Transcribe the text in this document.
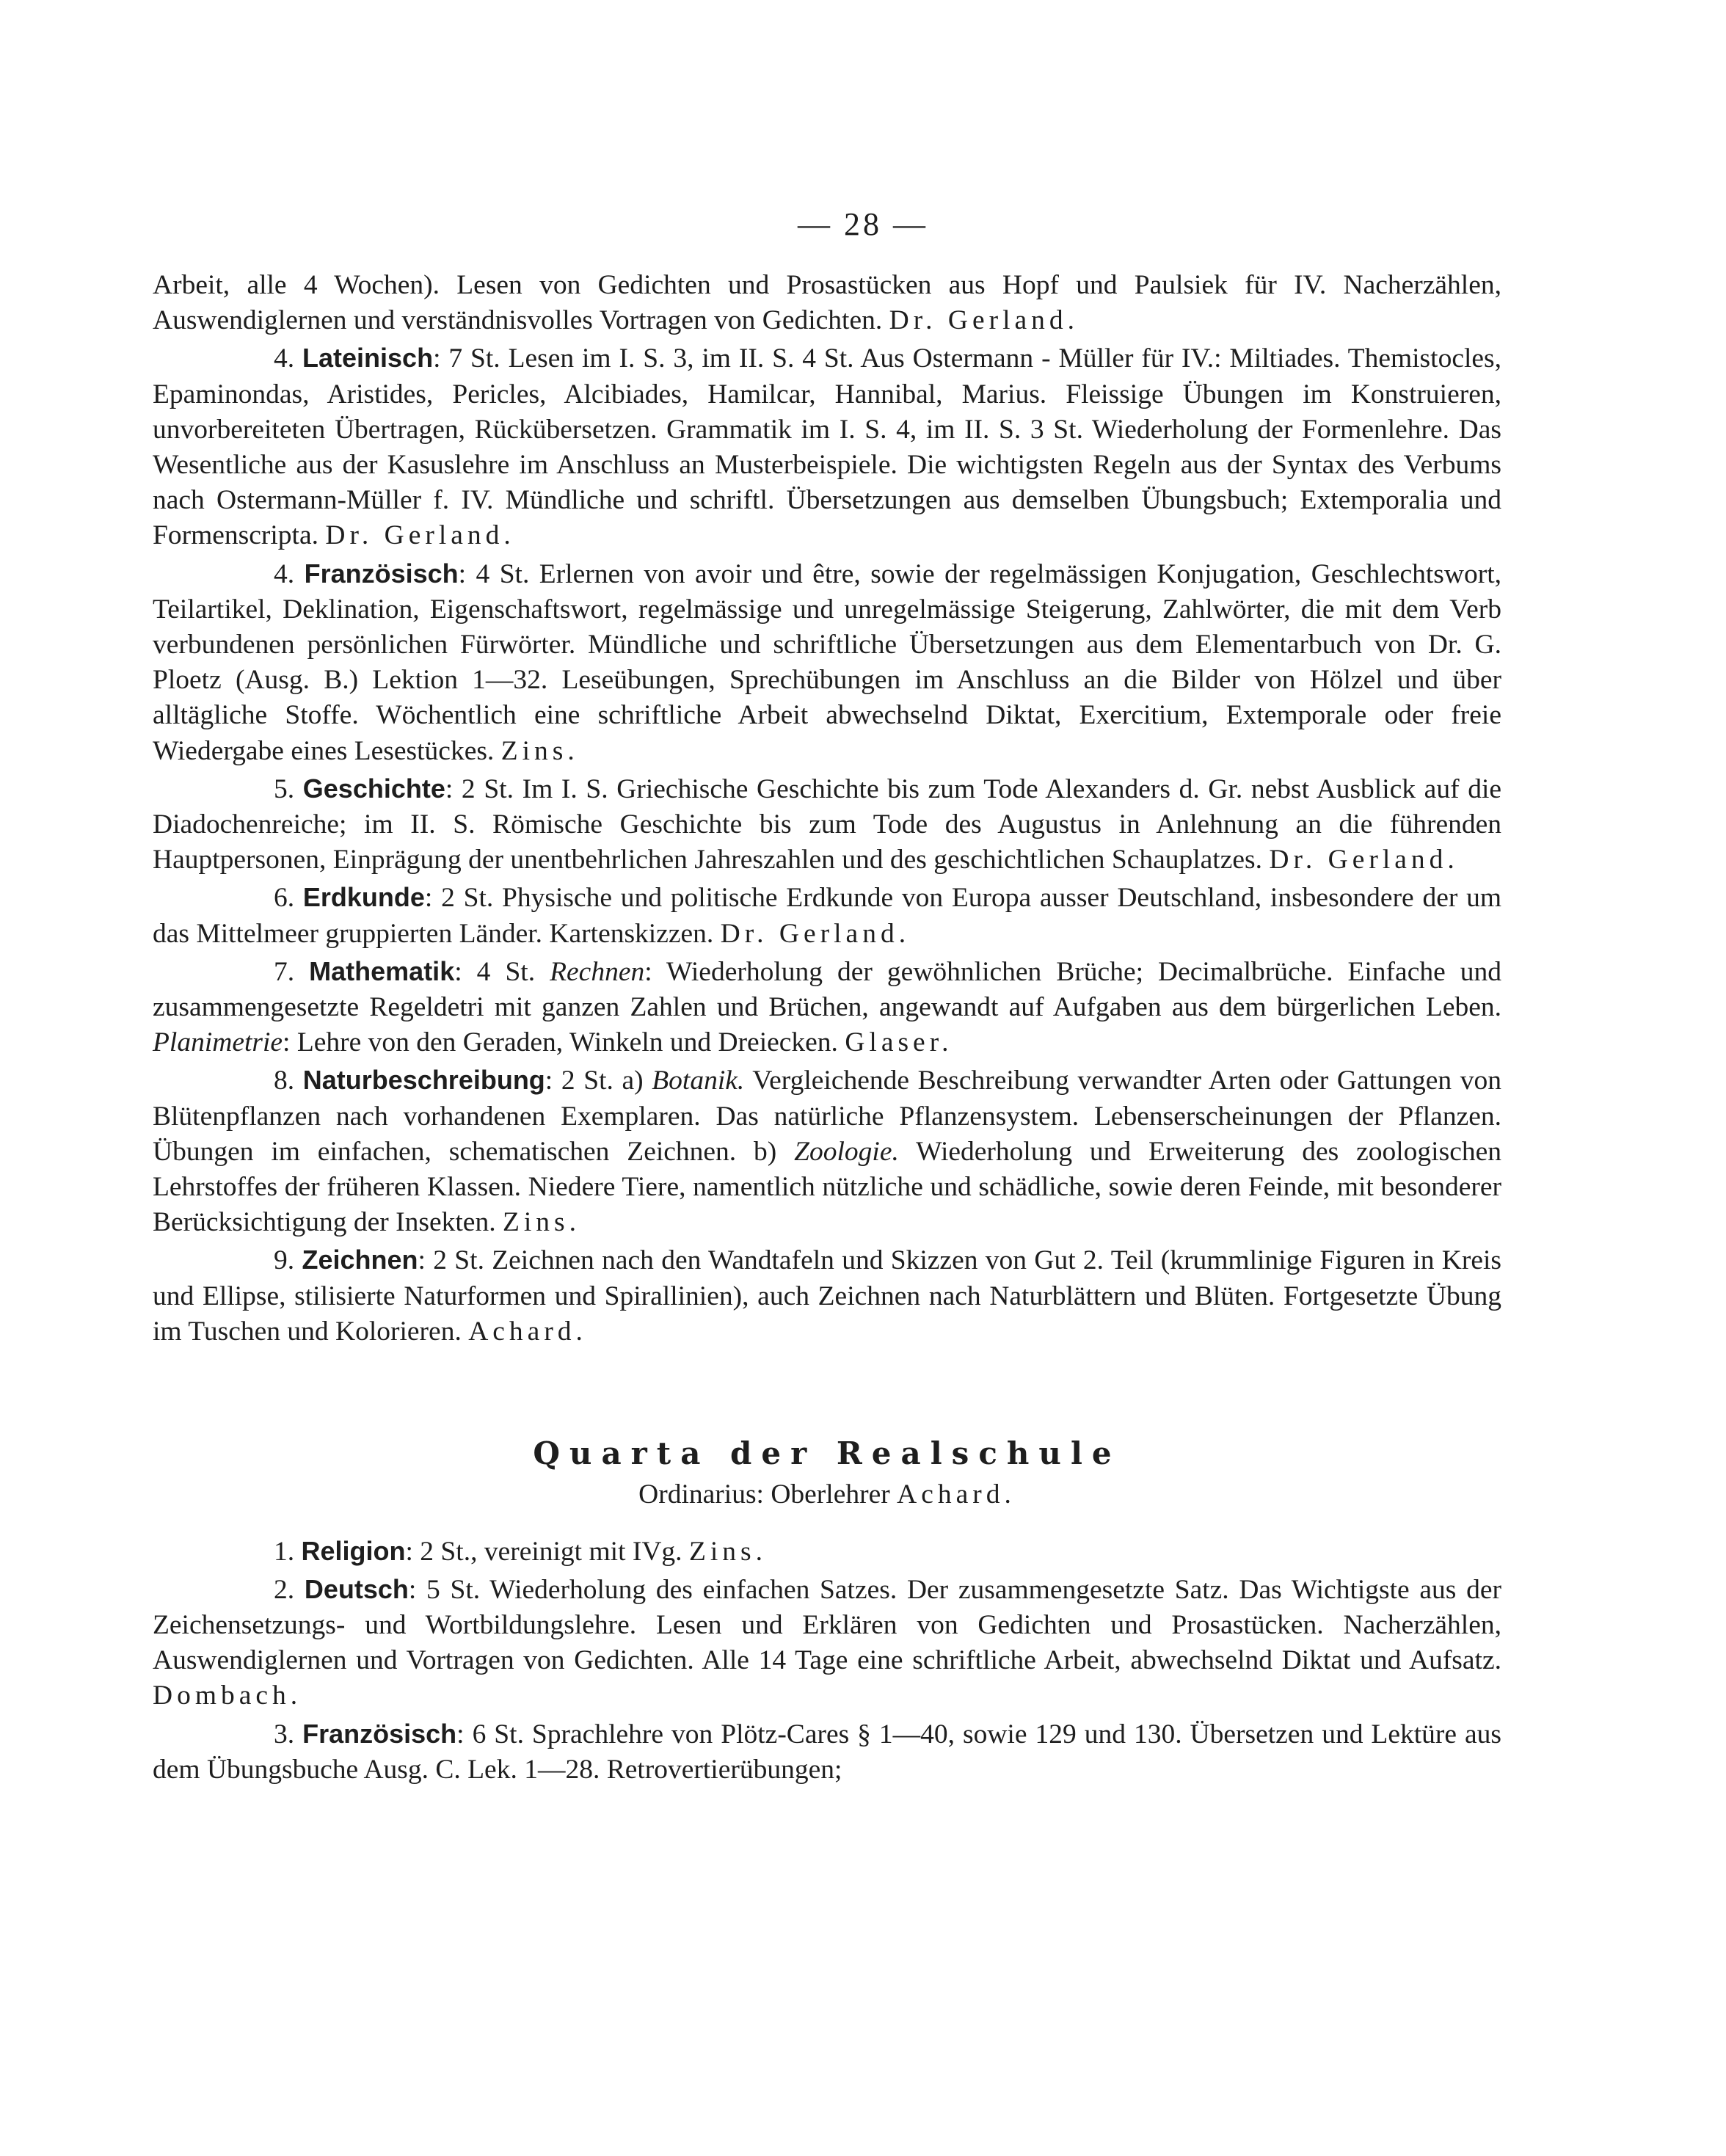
— 28 —

Arbeit, alle 4 Wochen). Lesen von Gedichten und Prosastücken aus Hopf und Paulsiek für IV. Nacherzählen, Auswendiglernen und verständnisvolles Vortragen von Gedichten. Dr. Gerland.

4. Lateinisch: 7 St. Lesen im I. S. 3, im II. S. 4 St. Aus Ostermann - Müller für IV.: Miltiades. Themistocles, Epaminondas, Aristides, Pericles, Alcibiades, Hamilcar, Hannibal, Marius. Fleissige Übungen im Konstruieren, unvorbereiteten Übertragen, Rückübersetzen. Grammatik im I. S. 4, im II. S. 3 St. Wiederholung der Formenlehre. Das Wesentliche aus der Kasuslehre im Anschluss an Musterbeispiele. Die wichtigsten Regeln aus der Syntax des Verbums nach Ostermann-Müller f. IV. Mündliche und schriftl. Übersetzungen aus demselben Übungsbuch; Extemporalia und Formenscripta. Dr. Gerland.

4. Französisch: 4 St. Erlernen von avoir und être, sowie der regelmässigen Konjugation, Geschlechtswort, Teilartikel, Deklination, Eigenschaftswort, regelmässige und unregelmässige Steigerung, Zahlwörter, die mit dem Verb verbundenen persönlichen Fürwörter. Mündliche und schriftliche Übersetzungen aus dem Elementarbuch von Dr. G. Ploetz (Ausg. B.) Lektion 1—32. Leseübungen, Sprechübungen im Anschluss an die Bilder von Hölzel und über alltägliche Stoffe. Wöchentlich eine schriftliche Arbeit abwechselnd Diktat, Exercitium, Extemporale oder freie Wiedergabe eines Lesestückes. Zins.

5. Geschichte: 2 St. Im I. S. Griechische Geschichte bis zum Tode Alexanders d. Gr. nebst Ausblick auf die Diadochenreiche; im II. S. Römische Geschichte bis zum Tode des Augustus in Anlehnung an die führenden Hauptpersonen, Einprägung der unentbehrlichen Jahreszahlen und des geschichtlichen Schauplatzes. Dr. Gerland.

6. Erdkunde: 2 St. Physische und politische Erdkunde von Europa ausser Deutschland, insbesondere der um das Mittelmeer gruppierten Länder. Kartenskizzen. Dr. Gerland.

7. Mathematik: 4 St. Rechnen: Wiederholung der gewöhnlichen Brüche; Decimalbrüche. Einfache und zusammengesetzte Regeldetri mit ganzen Zahlen und Brüchen, angewandt auf Aufgaben aus dem bürgerlichen Leben. Planimetrie: Lehre von den Geraden, Winkeln und Dreiecken. Glaser.

8. Naturbeschreibung: 2 St. a) Botanik. Vergleichende Beschreibung verwandter Arten oder Gattungen von Blütenpflanzen nach vorhandenen Exemplaren. Das natürliche Pflanzensystem. Lebenserscheinungen der Pflanzen. Übungen im einfachen, schematischen Zeichnen. b) Zoologie. Wiederholung und Erweiterung des zoologischen Lehrstoffes der früheren Klassen. Niedere Tiere, namentlich nützliche und schädliche, sowie deren Feinde, mit besonderer Berücksichtigung der Insekten. Zins.

9. Zeichnen: 2 St. Zeichnen nach den Wandtafeln und Skizzen von Gut 2. Teil (krummlinige Figuren in Kreis und Ellipse, stilisierte Naturformen und Spirallinien), auch Zeichnen nach Naturblättern und Blüten. Fortgesetzte Übung im Tuschen und Kolorieren. Achard.

Quarta der Realschule

Ordinarius: Oberlehrer Achard.

1. Religion: 2 St., vereinigt mit IVg. Zins.

2. Deutsch: 5 St. Wiederholung des einfachen Satzes. Der zusammengesetzte Satz. Das Wichtigste aus der Zeichensetzungs- und Wortbildungslehre. Lesen und Erklären von Gedichten und Prosastücken. Nacherzählen, Auswendiglernen und Vortragen von Gedichten. Alle 14 Tage eine schriftliche Arbeit, abwechselnd Diktat und Aufsatz. Dombach.

3. Französisch: 6 St. Sprachlehre von Plötz-Cares § 1—40, sowie 129 und 130. Übersetzen und Lektüre aus dem Übungsbuche Ausg. C. Lek. 1—28. Retrovertierübungen;
